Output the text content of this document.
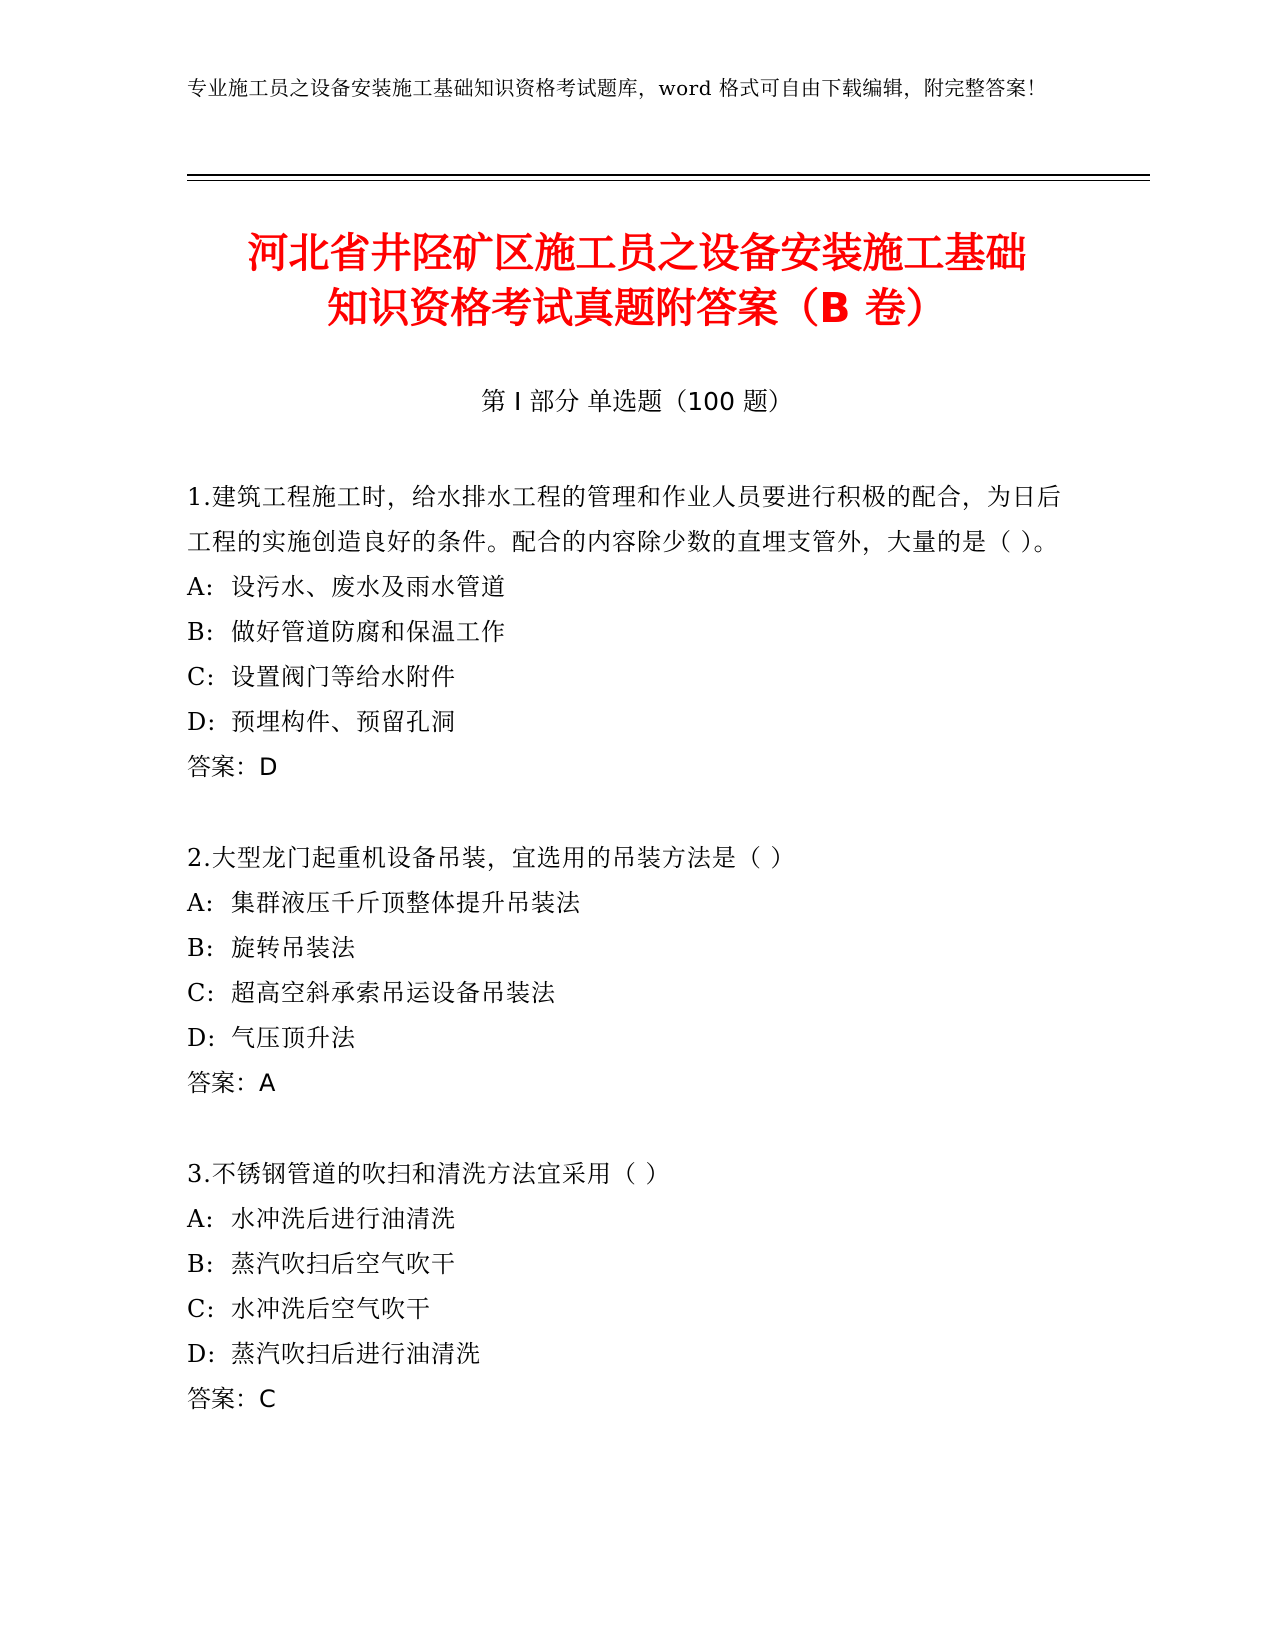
专业施工员之设备安装施工基础知识资格考试题库，word 格式可自由下载编辑，附完整答案！
河北省井陉矿区施工员之设备安装施工基础
知识资格考试真题附答案（B 卷）
第 I 部分 单选题（100 题）
1.建筑工程施工时，给水排水工程的管理和作业人员要进行积极的配合，为日后工程的实施创造良好的条件。配合的内容除少数的直埋支管外，大量的是（ ）。
A: 设污水、废水及雨水管道
B: 做好管道防腐和保温工作
C: 设置阀门等给水附件
D: 预埋构件、预留孔洞
答案：D
2.大型龙门起重机设备吊装，宜选用的吊装方法是（ ）
A: 集群液压千斤顶整体提升吊装法
B: 旋转吊装法
C: 超高空斜承索吊运设备吊装法
D: 气压顶升法
答案：A
3.不锈钢管道的吹扫和清洗方法宜采用（ ）
A: 水冲洗后进行油清洗
B: 蒸汽吹扫后空气吹干
C: 水冲洗后空气吹干
D: 蒸汽吹扫后进行油清洗
答案：C
